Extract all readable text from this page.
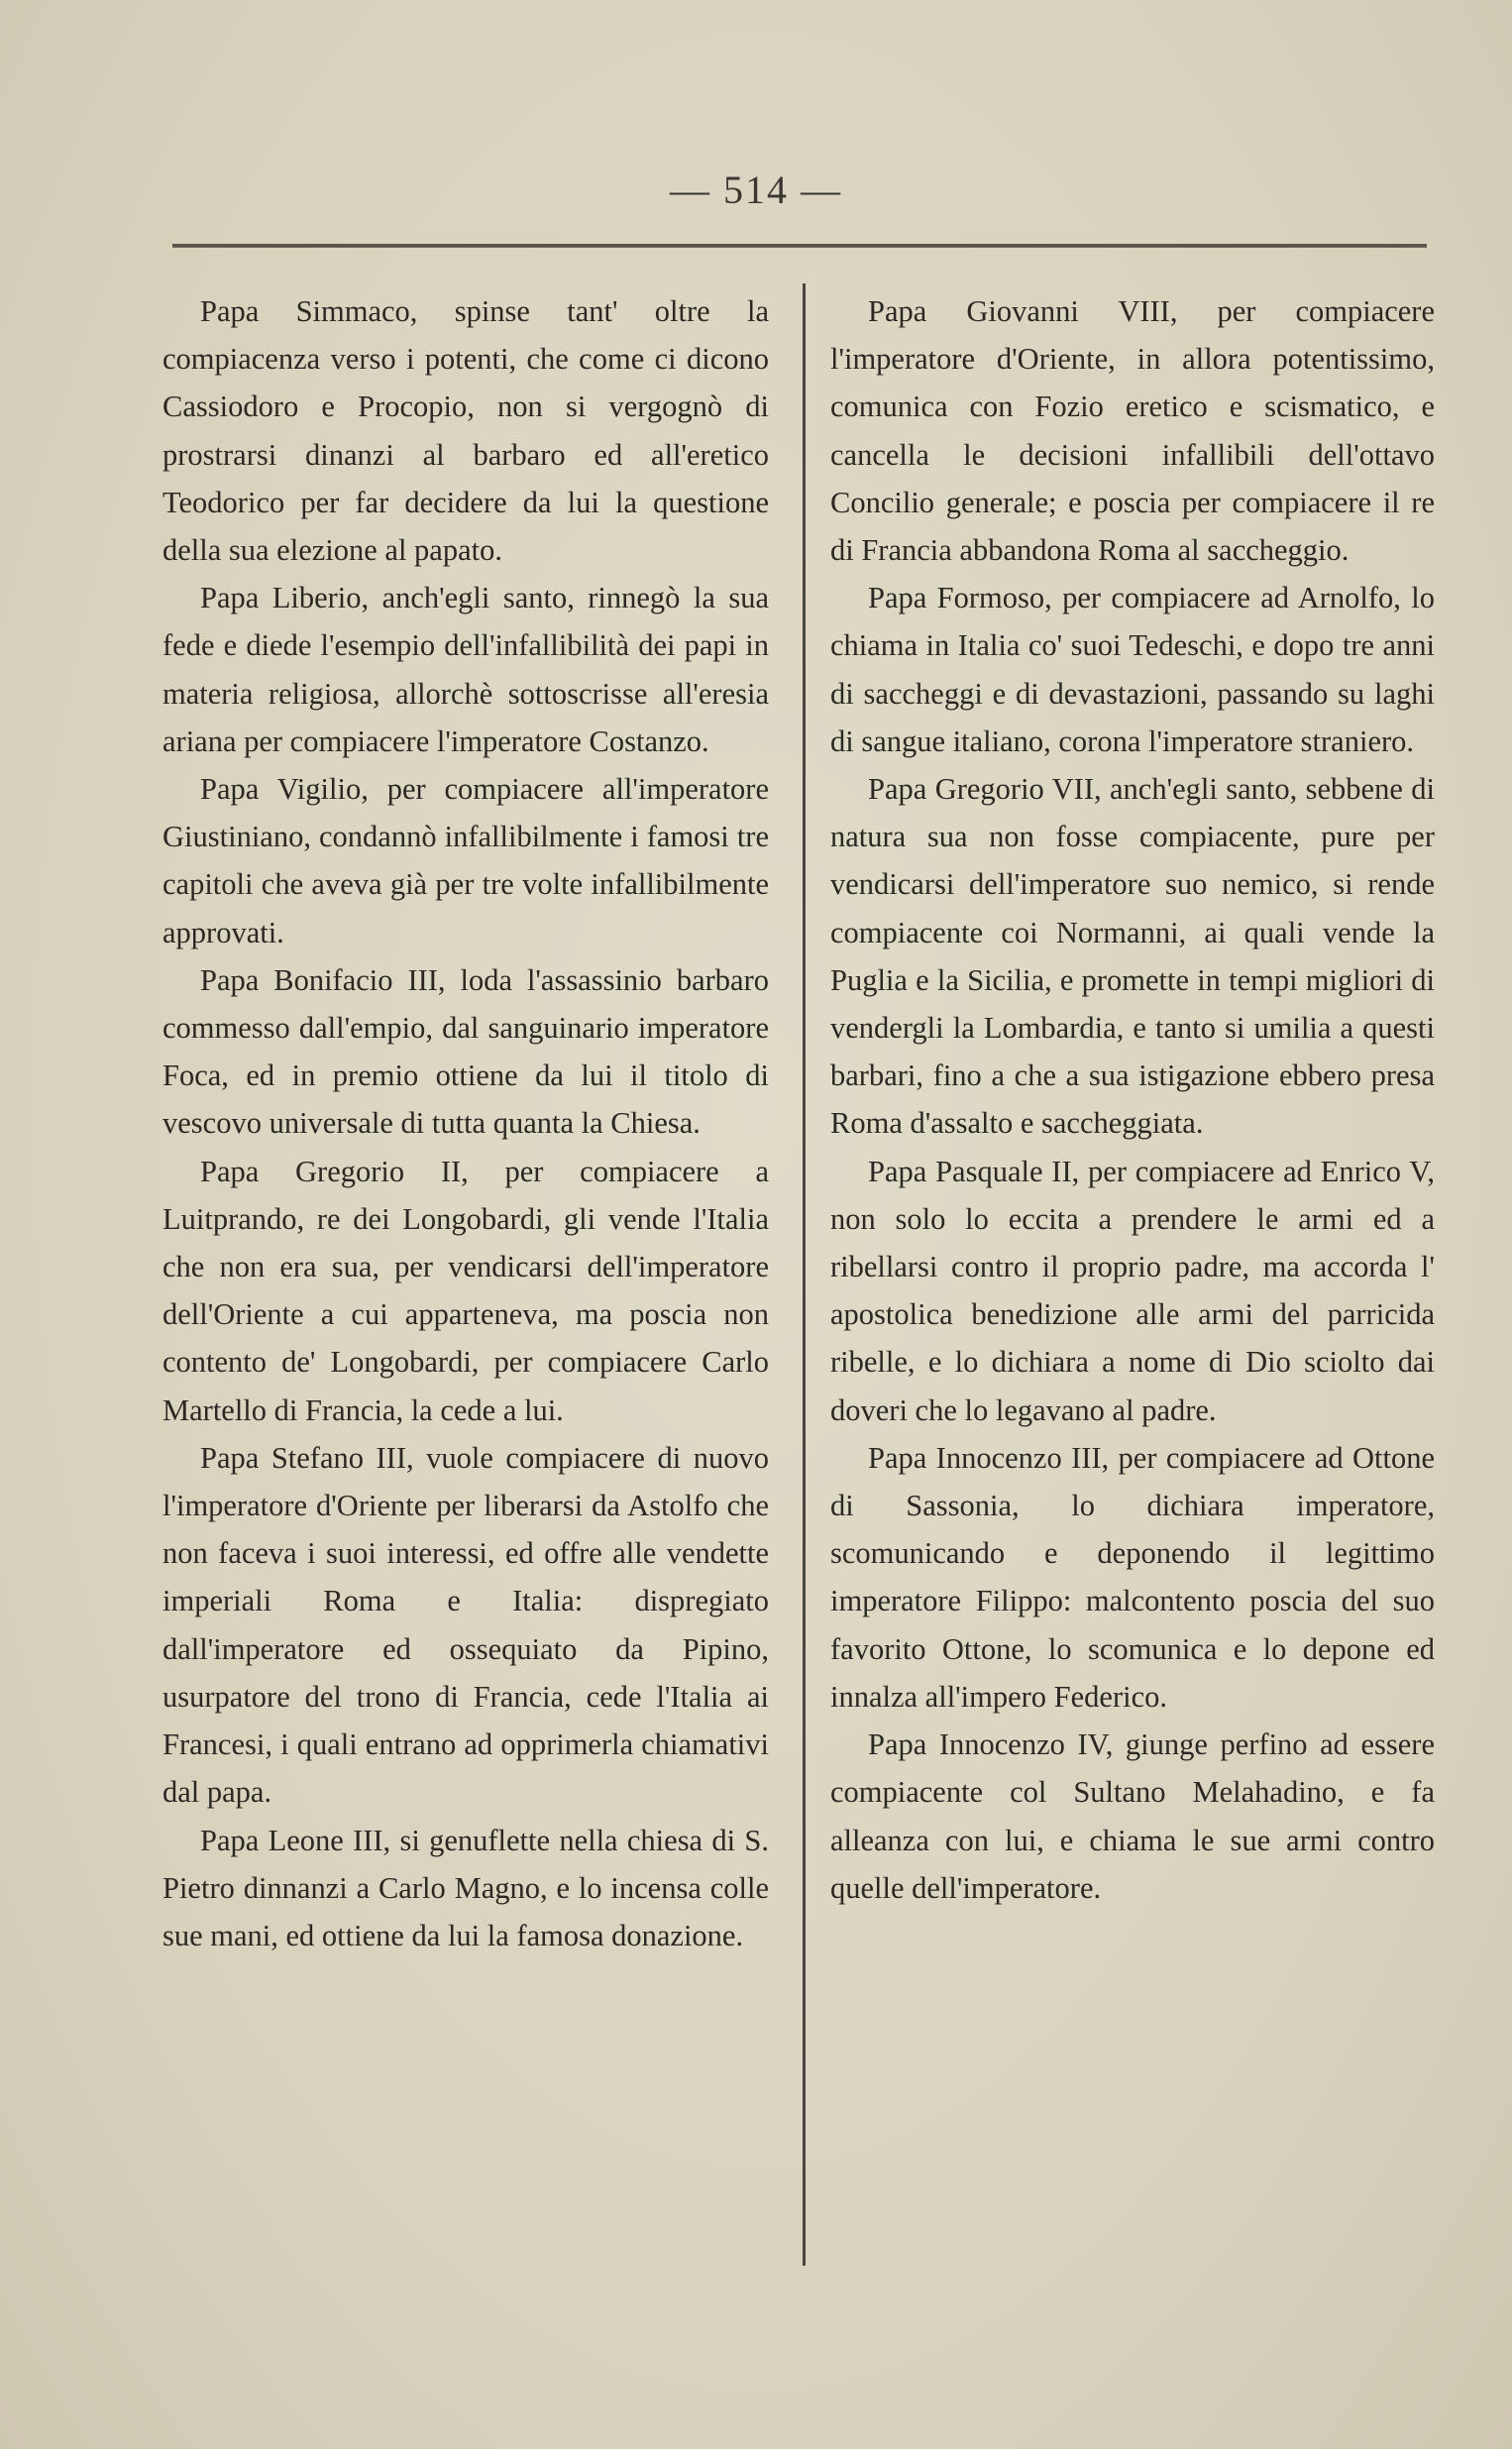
— 514 —

Papa Simmaco, spinse tant' oltre la compiacenza verso i potenti, che come ci dicono Cassiodoro e Procopio, non si vergognò di prostrarsi dinanzi al barbaro ed all'eretico Teodorico per far decidere da lui la questione della sua elezione al papato.

Papa Liberio, anch'egli santo, rinnegò la sua fede e diede l'esempio dell'infallibilità dei papi in materia religiosa, allorchè sottoscrisse all'eresia ariana per compiacere l'imperatore Costanzo.

Papa Vigilio, per compiacere all'imperatore Giustiniano, condannò infallibilmente i famosi tre capitoli che aveva già per tre volte infallibilmente approvati.

Papa Bonifacio III, loda l'assassinio barbaro commesso dall'empio, dal sanguinario imperatore Foca, ed in premio ottiene da lui il titolo di vescovo universale di tutta quanta la Chiesa.

Papa Gregorio II, per compiacere a Luitprando, re dei Longobardi, gli vende l'Italia che non era sua, per vendicarsi dell'imperatore dell'Oriente a cui apparteneva, ma poscia non contento de' Longobardi, per compiacere Carlo Martello di Francia, la cede a lui.

Papa Stefano III, vuole compiacere di nuovo l'imperatore d'Oriente per liberarsi da Astolfo che non faceva i suoi interessi, ed offre alle vendette imperiali Roma e Italia: dispregiato dall'imperatore ed ossequiato da Pipino, usurpatore del trono di Francia, cede l'Italia ai Francesi, i quali entrano ad opprimerla chiamativi dal papa.

Papa Leone III, si genuflette nella chiesa di S. Pietro dinnanzi a Carlo Magno, e lo incensa colle sue mani, ed ottiene da lui la famosa donazione.

Papa Giovanni VIII, per compiacere l'imperatore d'Oriente, in allora potentissimo, comunica con Fozio eretico e scismatico, e cancella le decisioni infallibili dell'ottavo Concilio generale; e poscia per compiacere il re di Francia abbandona Roma al saccheggio.

Papa Formoso, per compiacere ad Arnolfo, lo chiama in Italia co' suoi Tedeschi, e dopo tre anni di saccheggi e di devastazioni, passando su laghi di sangue italiano, corona l'imperatore straniero.

Papa Gregorio VII, anch'egli santo, sebbene di natura sua non fosse compiacente, pure per vendicarsi dell'imperatore suo nemico, si rende compiacente coi Normanni, ai quali vende la Puglia e la Sicilia, e promette in tempi migliori di vendergli la Lombardia, e tanto si umilia a questi barbari, fino a che a sua istigazione ebbero presa Roma d'assalto e saccheggiata.

Papa Pasquale II, per compiacere ad Enrico V, non solo lo eccita a prendere le armi ed a ribellarsi contro il proprio padre, ma accorda l' apostolica benedizione alle armi del parricida ribelle, e lo dichiara a nome di Dio sciolto dai doveri che lo legavano al padre.

Papa Innocenzo III, per compiacere ad Ottone di Sassonia, lo dichiara imperatore, scomunicando e deponendo il legittimo imperatore Filippo: malcontento poscia del suo favorito Ottone, lo scomunica e lo depone ed innalza all'impero Federico.

Papa Innocenzo IV, giunge perfino ad essere compiacente col Sultano Melahadino, e fa alleanza con lui, e chiama le sue armi contro quelle dell'imperatore.
